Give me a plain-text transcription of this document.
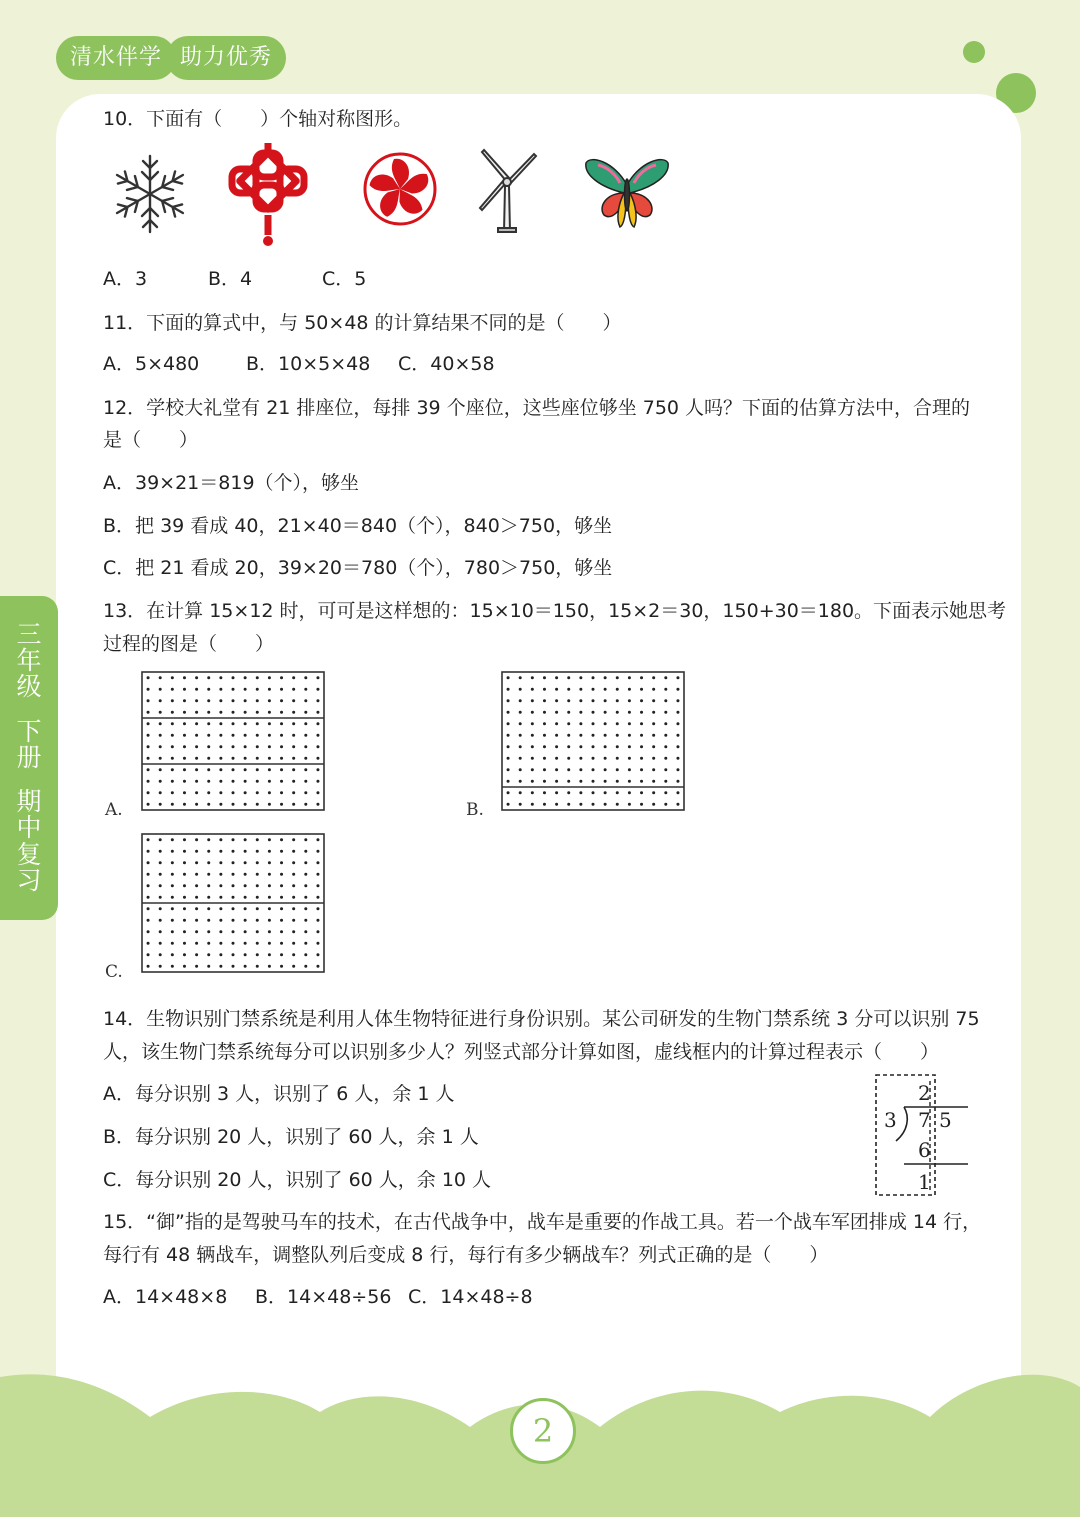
清水伴学 助力优秀
三
年
级
下
册
期
中
复
习
10．下面有（　　）个轴对称图形。
A．3	B．4	C．5
11．下面的算式中，与 50×48 的计算结果不同的是（　　）
A．5×480 B．10×5×48 C．40×58
12．学校大礼堂有 21 排座位，每排 39 个座位，这些座位够坐 750 人吗？下面的估算方法中，合理的
是（　　）
A．39×21＝819（个），够坐
B．把 39 看成 40，21×40＝840（个），840＞750，够坐
C．把 21 看成 20，39×20＝780（个），780＞750，够坐
13．在计算 15×12 时，可可是这样想的：15×10＝150，15×2＝30，150+30＝180。下面表示她思考
过程的图是（　　）
A.	B.
C.
14．生物识别门禁系统是利用人体生物特征进行身份识别。某公司研发的生物门禁系统 3 分可以识别 75
人，该生物门禁系统每分可以识别多少人？列竖式部分计算如图，虚线框内的计算过程表示（　　）
A．每分识别 3 人，识别了 6 人，余 1 人
B．每分识别 20 人，识别了 60 人，余 1 人
C．每分识别 20 人，识别了 60 人，余 10 人
2
3 7 5
6
1
15．“御”指的是驾驶马车的技术，在古代战争中，战车是重要的作战工具。若一个战车军团排成 14 行，
每行有 48 辆战车，调整队列后变成 8 行，每行有多少辆战车？列式正确的是（　　）
A．14×48×8 B．14×48÷56 C．14×48÷8
2
